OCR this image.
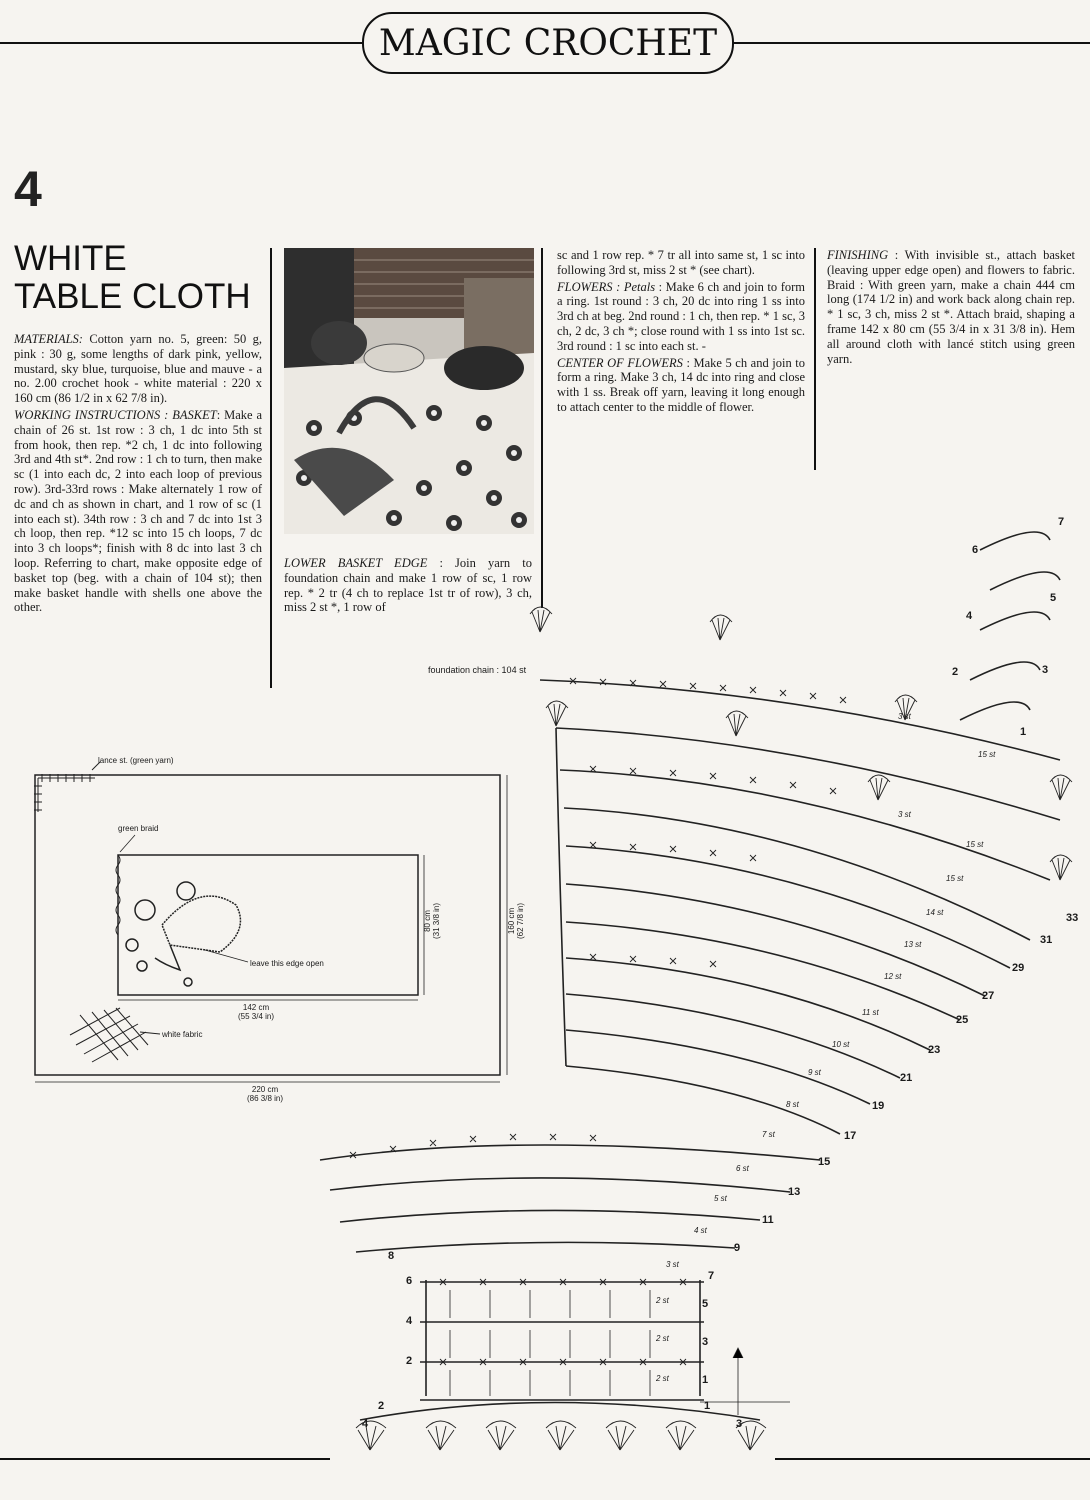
MAGIC CROCHET
4
WHITE
TABLE CLOTH

MATERIALS: Cotton yarn no. 5, green: 50 g, pink : 30 g, some lengths of dark pink, yellow, mustard, sky blue, turquoise, blue and mauve - a no. 2.00 crochet hook - white material : 220 x 160 cm (86 1/2 in x 62 7/8 in).

WORKING INSTRUCTIONS : BASKET: Make a chain of 26 st. 1st row : 3 ch, 1 dc into 5th st from hook, then rep. *2 ch, 1 dc into following 3rd and 4th st*. 2nd row : 1 ch to turn, then make sc (1 into each dc, 2 into each loop of previous row). 3rd-33rd rows : Make alternately 1 row of dc and ch as shown in chart, and 1 row of sc (1 into each st). 34th row : 3 ch and 7 dc into 1st 3 ch loop, then rep. *12 sc into 15 ch loops, 7 dc into 3 ch loops*; finish with 8 dc into last 3 ch loop. Referring to chart, make opposite edge of basket top (beg. with a chain of 104 st); then make basket handle with shells one above the other.

LOWER BASKET EDGE : Join yarn to foundation chain and make 1 row of sc, 1 row rep. * 2 tr (4 ch to replace 1st tr of row), 3 ch, miss 2 st *, 1 row of

sc and 1 row rep. * 7 tr all into same st, 1 sc into following 3rd st, miss 2 st * (see chart).

FLOWERS : Petals : Make 6 ch and join to form a ring. 1st round : 3 ch, 20 dc into ring 1 ss into 3rd ch at beg. 2nd round : 1 ch, then rep. * 1 sc, 3 ch, 2 dc, 3 ch *; close round with 1 ss into 1st sc. 3rd round : 1 sc into each st. -

CENTER OF FLOWERS : Make 5 ch and join to form a ring. Make 3 ch, 14 dc into ring and close with 1 ss. Break off yarn, leaving it long enough to attach center to the middle of flower.

FINISHING : With invisible st., attach basket (leaving upper edge open) and flowers to fabric. Braid : With green yarn, make a chain 444 cm long (174 1/2 in) and work back along chain rep. * 1 sc, 3 ch, miss 2 st *. Attach braid, shaping a frame 142 x 80 cm (55 3/4 in x 31 3/8 in). Hem all around cloth with lancé stitch using green yarn.

lance st. (green yarn)
green braid
leave this edge open
white fabric
142 cm
(55 3/4 in)
220 cm
(86 3/8 in)
80 cm (31 3/8 in)	160 cm (62 7/8 in)
foundation chain : 104 st
33
31
29
27
25
23
21
19
17
15
13
11
9
7
5
3
1
8
6
4
2
3 st
15 st
3 st
15 st
15 st
14 st
13 st
12 st
11 st
10 st
9 st
8 st
7 st
6 st
5 st
4 st
3 st
2 st
2 st
2 st
7
6
5
4
3
2
1
4
2	1
3
